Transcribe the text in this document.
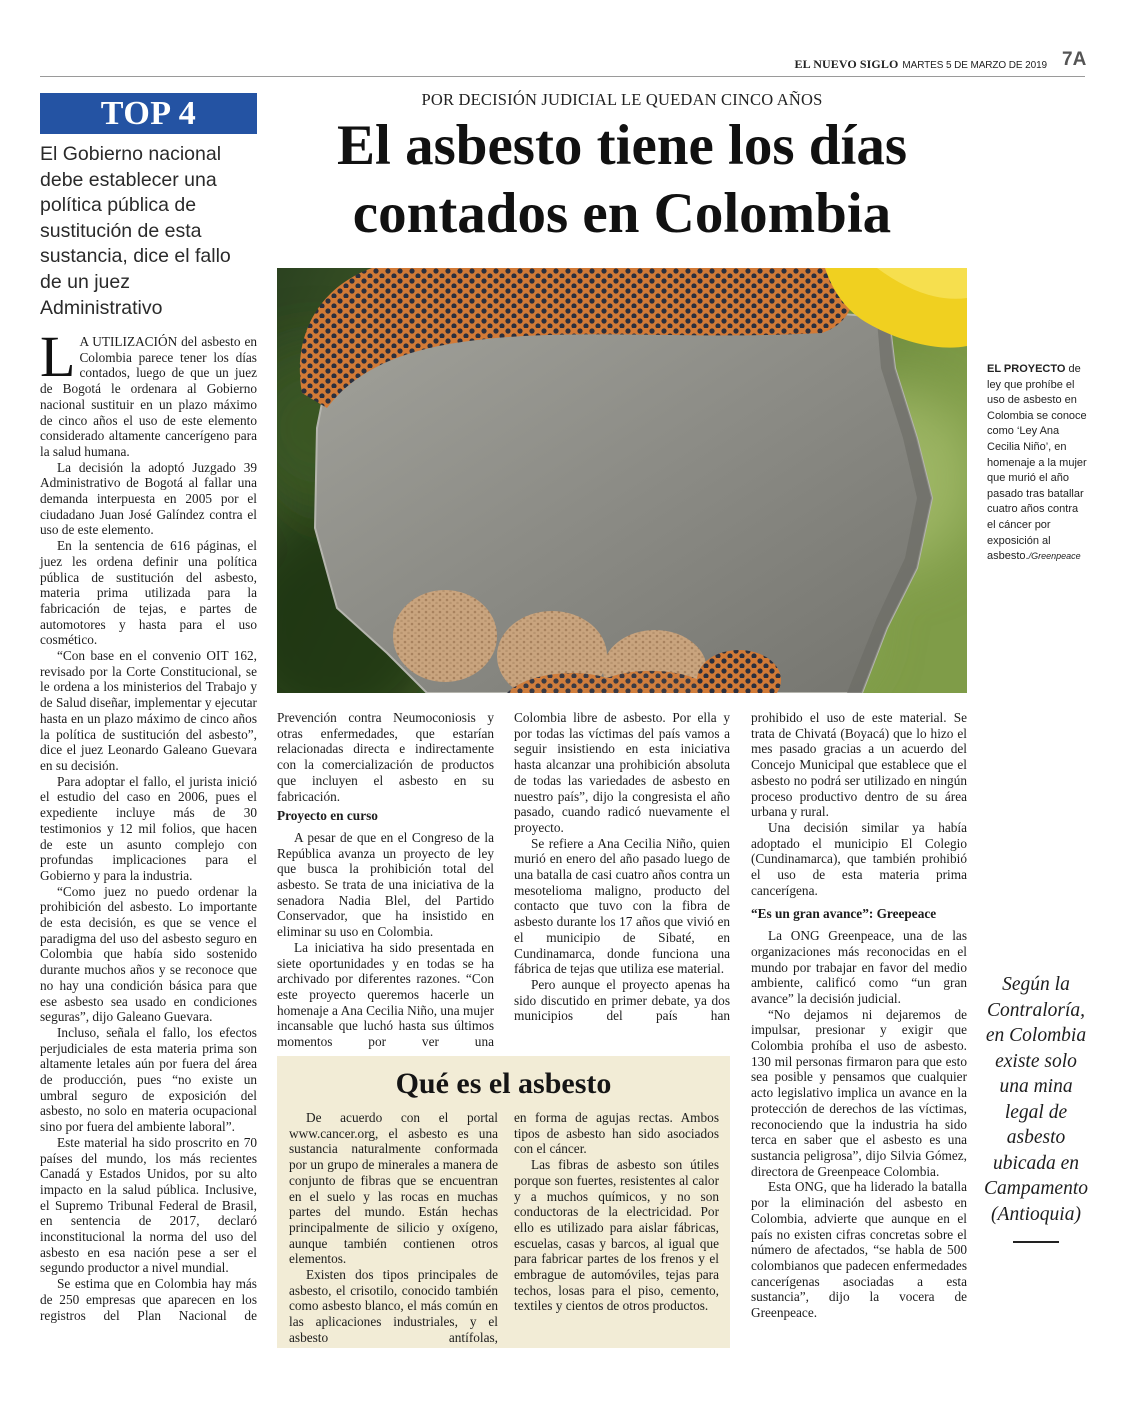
EL NUEVO SIGLO MARTES 5 DE MARZO DE 2019 7A
TOP 4
El Gobierno nacional debe establecer una política pública de sustitución de esta sustancia, dice el fallo de un juez Administrativo
POR DECISIÓN JUDICIAL LE QUEDAN CINCO AÑOS
El asbesto tiene los días
contados en Colombia
EL PROYECTO de ley que prohíbe el uso de asbesto en Colombia se conoce como ‘Ley Ana Cecilia Niño’, en homenaje a la mujer que murió el año pasado tras batallar cuatro años contra el cáncer por exposición al asbesto./Greenpeace

L A UTILIZACIÓN del asbesto en Colombia parece tener los días contados, luego de que un juez de Bogotá le ordenara al Gobierno nacional sustituir en un plazo máximo de cinco años el uso de este elemento considerado altamente cancerígeno para la salud humana.

La decisión la adoptó Juzgado 39 Administrativo de Bogotá al fallar una demanda interpuesta en 2005 por el ciudadano Juan José Galíndez contra el uso de este elemento.

En la sentencia de 616 páginas, el juez les ordena definir una política pública de sustitución del asbesto, materia prima utilizada para la fabricación de tejas, e partes de automotores y hasta para el uso cosmético.

“Con base en el convenio OIT 162, revisado por la Corte Constitucional, se le ordena a los ministerios del Trabajo y de Salud diseñar, implementar y ejecutar hasta en un plazo máximo de cinco años la política de sustitución del asbesto”, dice el juez Leonardo Galeano Guevara en su decisión.

Para adoptar el fallo, el jurista inició el estudio del caso en 2006, pues el expediente incluye más de 30 testimonios y 12 mil folios, que hacen de este un asunto complejo con profundas implicaciones para el Gobierno y para la industria.

“Como juez no puedo ordenar la prohibición del asbesto. Lo importante de esta decisión, es que se vence el paradigma del uso del asbesto seguro en Colombia que había sido sostenido durante muchos años y se reconoce que no hay una condición básica para que ese asbesto sea usado en condiciones seguras”, dijo Galeano Guevara.

Incluso, señala el fallo, los efectos perjudiciales de esta materia prima son altamente letales aún por fuera del área de producción, pues “no existe un umbral seguro de exposición del asbesto, no solo en materia ocupacional sino por fuera del ambiente laboral”.

Este material ha sido proscrito en 70 países del mundo, los más recientes Canadá y Estados Unidos, por su alto impacto en la salud pública. Inclusive, el Supremo Tribunal Federal de Brasil, en sentencia de 2017, declaró inconstitucional la norma del uso del asbesto en esa nación pese a ser el segundo productor a nivel mundial.

Se estima que en Colombia hay más de 250 empresas que aparecen en los registros del Plan Nacional de

Prevención contra Neumoconiosis y otras enfermedades, que estarían relacionadas directa e indirectamente con la comercialización de productos que incluyen el asbesto en su fabricación.

Proyecto en curso

A pesar de que en el Congreso de la República avanza un proyecto de ley que busca la prohibición total del asbesto. Se trata de una iniciativa de la senadora Nadia Blel, del Partido Conservador, que ha insistido en eliminar su uso en Colombia.

La iniciativa ha sido presentada en siete oportunidades y en todas se ha archivado por diferentes razones. “Con este proyecto queremos hacerle un homenaje a Ana Cecilia Niño, una mujer incansable que luchó hasta sus últimos momentos por ver una

Colombia libre de asbesto. Por ella y por todas las víctimas del país vamos a seguir insistiendo en esta iniciativa hasta alcanzar una prohibición absoluta de todas las variedades de asbesto en nuestro país”, dijo la congresista el año pasado, cuando radicó nuevamente el proyecto.

Se refiere a Ana Cecilia Niño, quien murió en enero del año pasado luego de una batalla de casi cuatro años contra un mesotelioma maligno, producto del contacto que tuvo con la fibra de asbesto durante los 17 años que vivió en el municipio de Sibaté, en Cundinamarca, donde funciona una fábrica de tejas que utiliza ese material.

Pero aunque el proyecto apenas ha sido discutido en primer debate, ya dos municipios del país han

prohibido el uso de este material. Se trata de Chivatá (Boyacá) que lo hizo el mes pasado gracias a un acuerdo del Concejo Municipal que establece que el asbesto no podrá ser utilizado en ningún proceso productivo dentro de su área urbana y rural.

Una decisión similar ya había adoptado el municipio El Colegio (Cundinamarca), que también prohibió el uso de esta materia prima cancerígena.

“Es un gran avance”: Greepeace

La ONG Greenpeace, una de las organizaciones más reconocidas en el mundo por trabajar en favor del medio ambiente, calificó como “un gran avance” la decisión judicial.

“No dejamos ni dejaremos de impulsar, presionar y exigir que Colombia prohíba el uso de asbesto. 130 mil personas firmaron para que esto sea posible y pensamos que cualquier acto legislativo implica un avance en la protección de derechos de las víctimas, reconociendo que la industria ha sido terca en saber que el asbesto es una sustancia peligrosa”, dijo Silvia Gómez, directora de Greenpeace Colombia.

Esta ONG, que ha liderado la batalla por la eliminación del asbesto en Colombia, advierte que aunque en el país no existen cifras concretas sobre el número de afectados, “se habla de 500 colombianos que padecen enfermedades cancerígenas asociadas a esta sustancia”, dijo la vocera de Greenpeace.

Qué es el asbesto

De acuerdo con el portal www.cancer.org, el asbesto es una sustancia naturalmente conformada por un grupo de minerales a manera de conjunto de fibras que se encuentran en el suelo y las rocas en muchas partes del mundo. Están hechas principalmente de silicio y oxígeno, aunque también contienen otros elementos.

Existen dos tipos principales de asbesto, el crisotilo, conocido también como asbesto blanco, el más común en las aplicaciones industriales, y el asbesto antífolas,

en forma de agujas rectas. Ambos tipos de asbesto han sido asociados con el cáncer.

Las fibras de asbesto son útiles porque son fuertes, resistentes al calor y a muchos químicos, y no son conductoras de la electricidad. Por ello es utilizado para aislar fábricas, escuelas, casas y barcos, al igual que para fabricar partes de los frenos y el embrague de automóviles, tejas para techos, losas para el piso, cemento, textiles y cientos de otros productos.

Según la Contraloría, en Colombia existe solo una mina legal de asbesto ubicada en Campamento (Antioquia)
